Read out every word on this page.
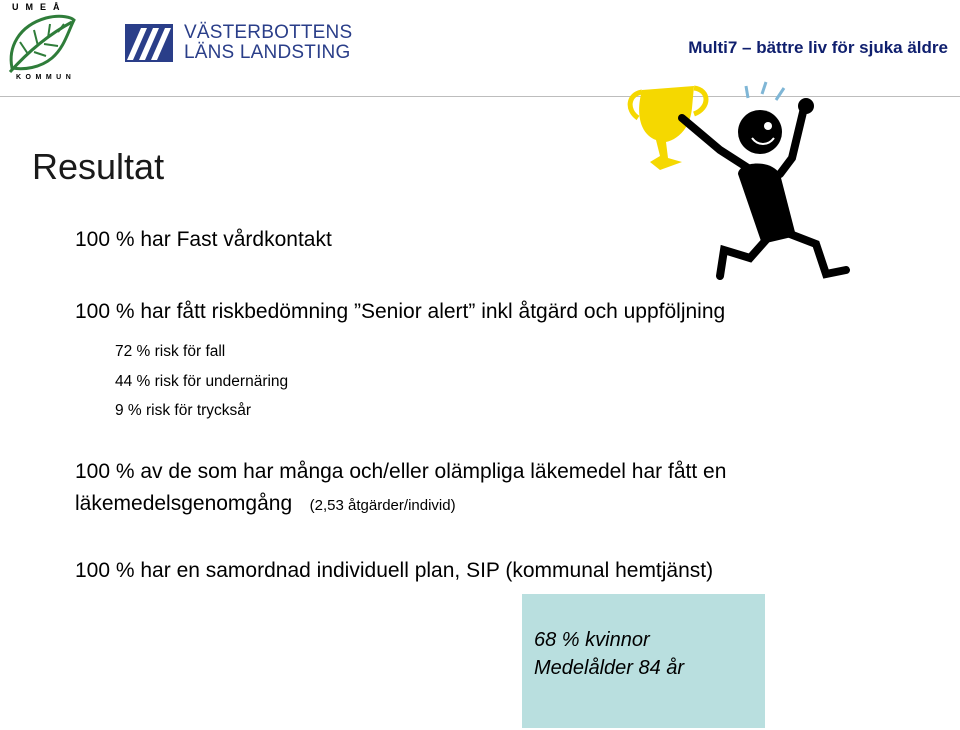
UMEÅ
KOMMUN
VÄSTERBOTTENS
LÄNS LANDSTING	Multi7 – bättre liv för sjuka äldre
Resultat
100 % har Fast vårdkontakt
100 % har fått riskbedömning ”Senior alert” inkl åtgärd och uppföljning
72 % risk för fall
44 % risk för undernäring
9 % risk för trycksår
100 % av de som har många och/eller olämpliga läkemedel har fått en
läkemedelsgenomgång (2,53 åtgärder/individ)
100 % har en samordnad individuell plan, SIP (kommunal hemtjänst)
68 % kvinnor
Medelålder 84 år
